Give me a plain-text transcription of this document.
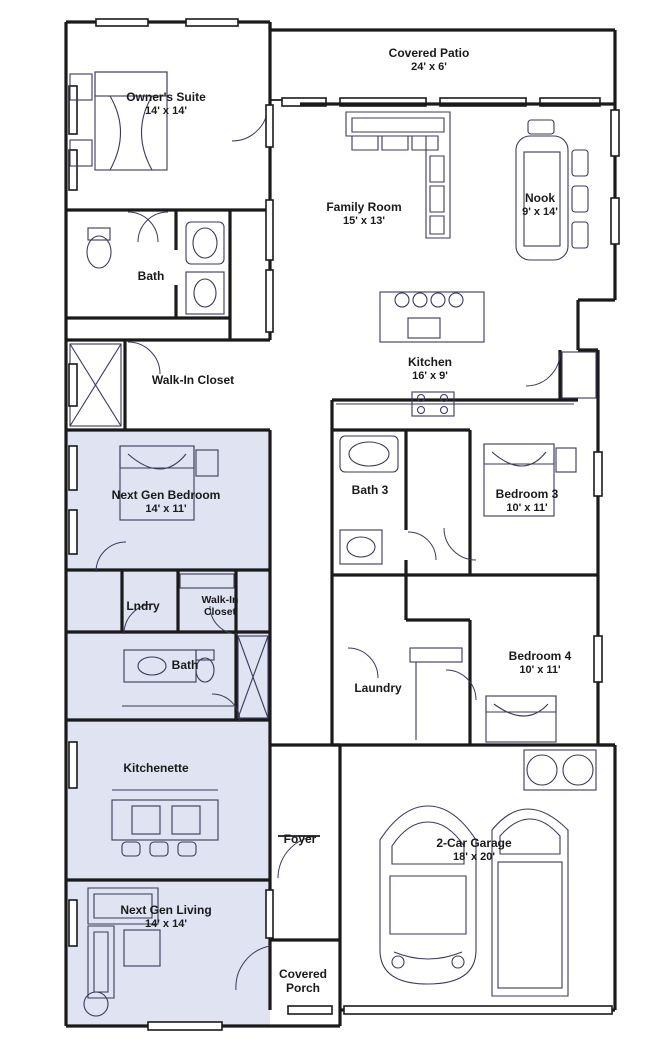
Owner's Suite
14' x 14'
Covered Patio
24' x 6'
Family Room
15' x 13'
Nook
9' x 14'
Bath
Kitchen
16' x 9'
Walk-In Closet
Next Gen Bedroom
14' x 11'
Bath 3	Bedroom 3
10' x 11'
Lndry	Walk-In Closet
Bath
Bedroom 4
10' x 11'
Laundry
Kitchenette
Foyer	2-Car Garage
18' x 20'
Next Gen Living
14' x 14'
Covered Porch
